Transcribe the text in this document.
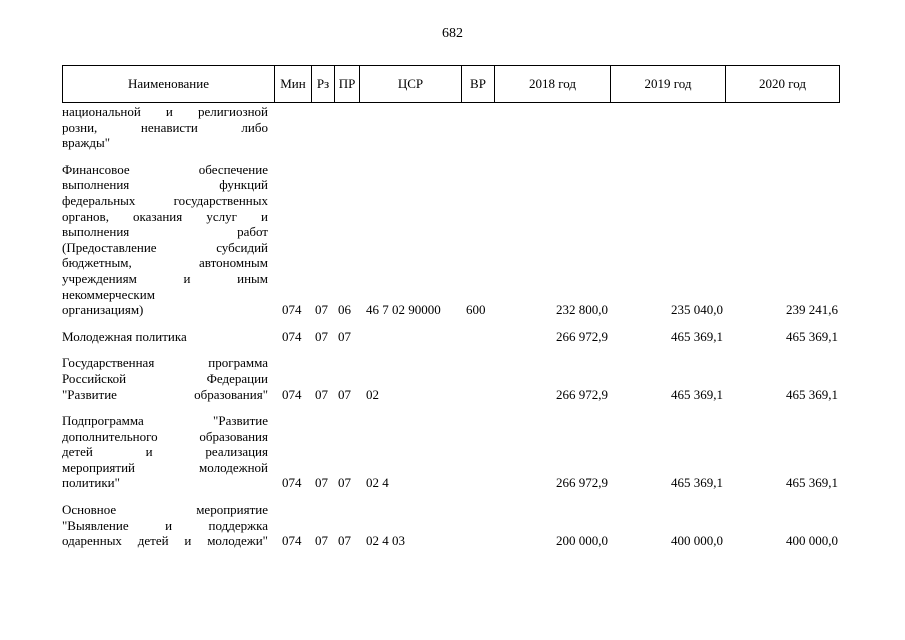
682
Наименование	Мин Рз ПР	ЦСР	ВР	2018 год	2019 год	2020 год
национальной и религиозной
розни, ненависти либо
вражды"
Финансовое обеспечение
выполнения функций
федеральных государственных
органов, оказания услуг и
выполнения работ
(Предоставление субсидий
бюджетным, автономным
учреждениям и иным
некоммерческим
организациям)	074 07 06 46 7 02 90000 600	232 800,0	235 040,0	239 241,6
Молодежная политика	074 07 07	266 972,9	465 369,1	465 369,1
Государственная программа
Российской Федерации
"Развитие образования" 074 07 07 02	266 972,9	465 369,1	465 369,1
Подпрограмма "Развитие
дополнительного образования
детей и реализация
мероприятий молодежной
политики"	074 07 07 02 4	266 972,9	465 369,1	465 369,1
Основное мероприятие
"Выявление и поддержка
одаренных детей и молодежи" 074 07 07 02 4 03	200 000,0	400 000,0	400 000,0
